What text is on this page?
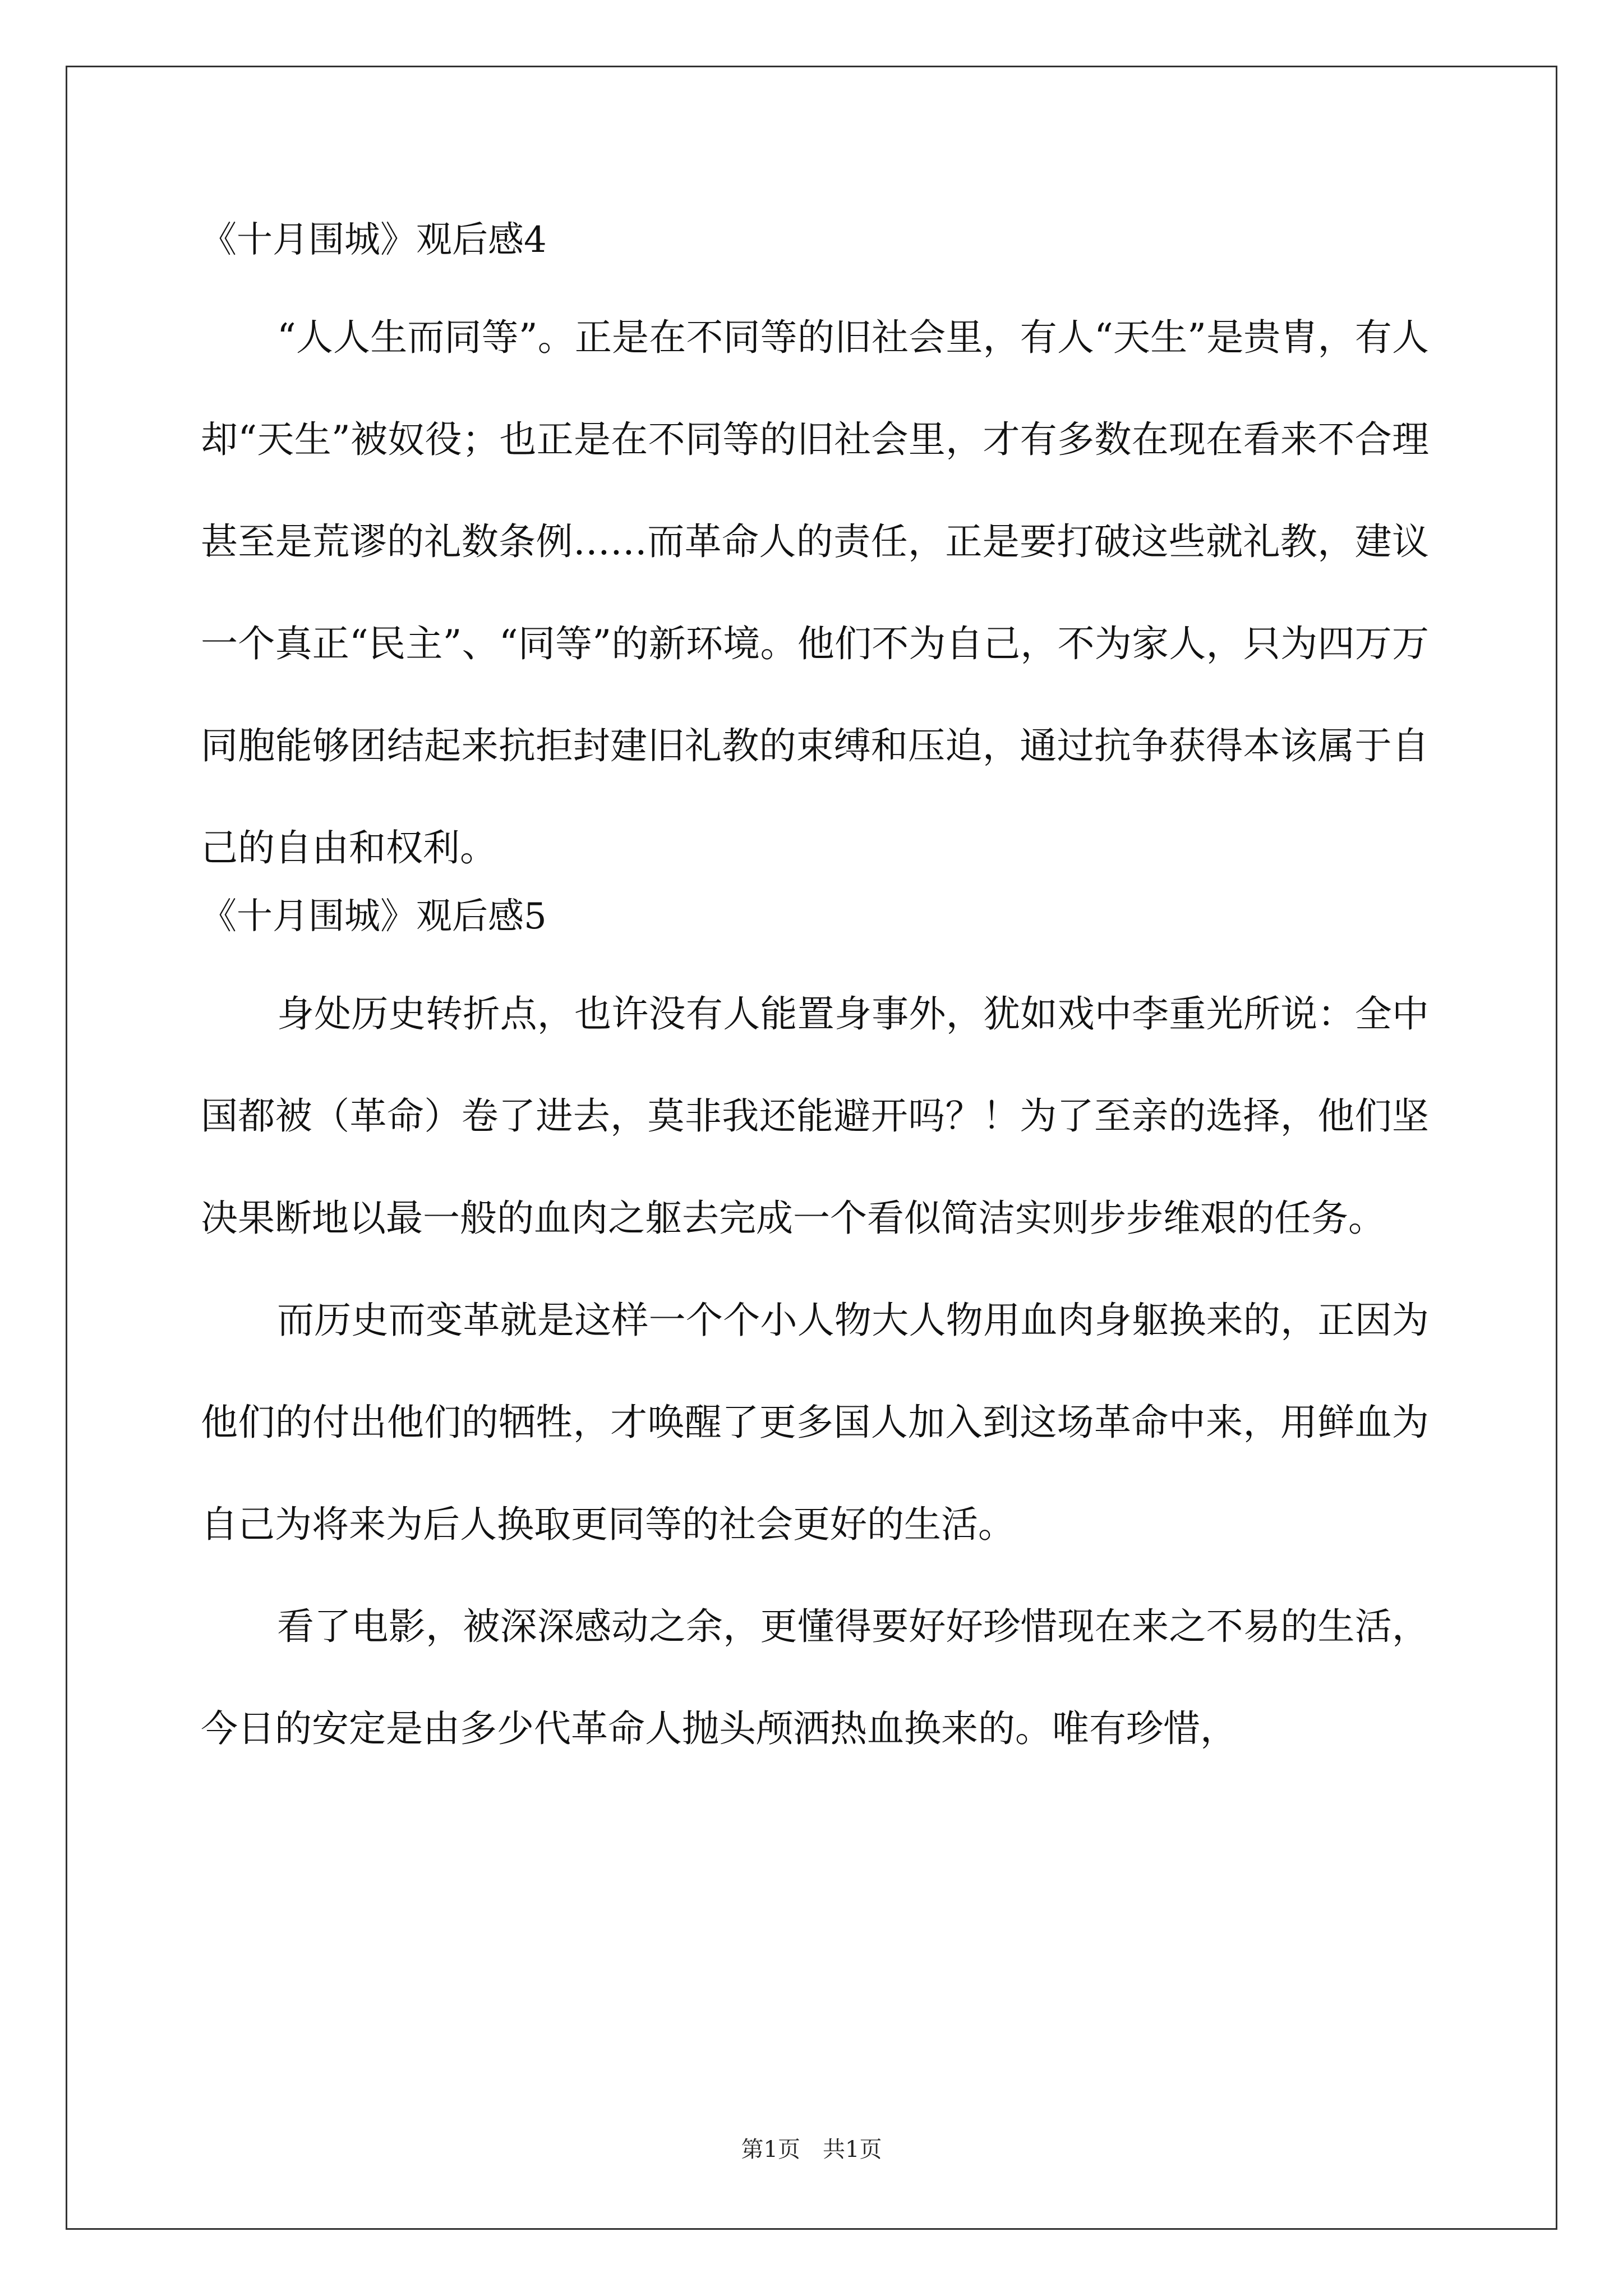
《十月围城》观后感4

“人人生而同等”。正是在不同等的旧社会里，有人“天生”是贵胄，有人却“天生”被奴役；也正是在不同等的旧社会里，才有多数在现在看来不合理甚至是荒谬的礼数条例……而革命人的责任，正是要打破这些就礼教，建议一个真正“民主”、“同等”的新环境。他们不为自己，不为家人，只为四万万同胞能够团结起来抗拒封建旧礼教的束缚和压迫，通过抗争获得本该属于自己的自由和权利。

《十月围城》观后感5

身处历史转折点，也许没有人能置身事外，犹如戏中李重光所说：全中国都被（革命）卷了进去，莫非我还能避开吗？！为了至亲的选择，他们坚决果断地以最一般的血肉之躯去完成一个看似简洁实则步步维艰的任务。

而历史而变革就是这样一个个小人物大人物用血肉身躯换来的，正因为他们的付出他们的牺牲，才唤醒了更多国人加入到这场革命中来，用鲜血为自己为将来为后人换取更同等的社会更好的生活。

看了电影，被深深感动之余，更懂得要好好珍惜现在来之不易的生活，今日的安定是由多少代革命人抛头颅洒热血换来的。唯有珍惜，

第1页　共1页
